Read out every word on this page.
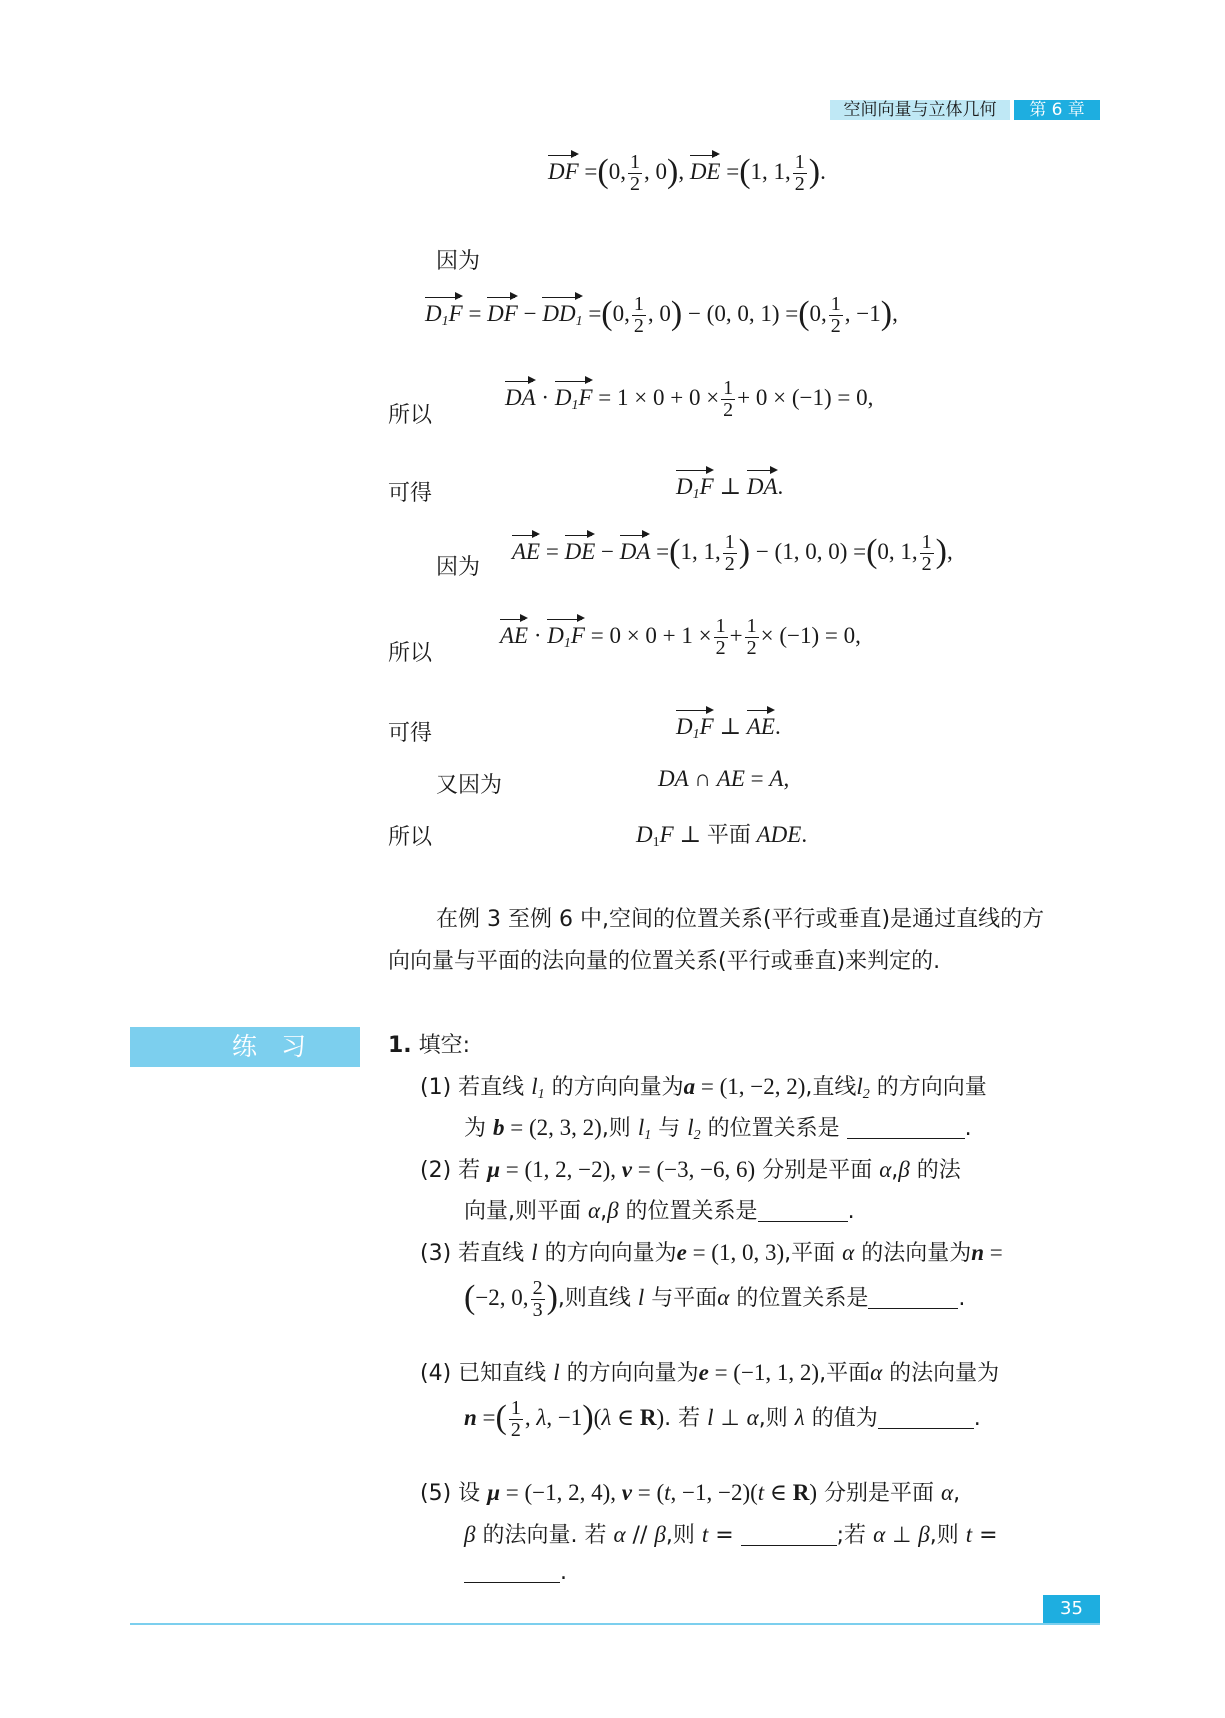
空间向量与立体几何	第 6 章
DF =(0, $\frac{1}{2}$ , 0), DE =(1, 1, $\frac{1}{2}$ ).
因为
$D_1F$ = DF − $DD_1 =(0$, $\frac{1}{2}$ , 0) − (0, 0, 1) =(0, $\frac{1}{2}$ , −1),
所以
DA · $D_1F = 1 \times 0 + 0 \times \frac{1}{2} + 0 \times (-1) = 0$,
可得	$D_1F$ ⊥ DA.
因为
AE = DE − DA =(1, 1, $\frac{1}{2}$ ) − (1, 0, 0) =(0, 1, $\frac{1}{2}$ ),
所以
AE · $D_1F = 0 \times 0 + 1 \times \frac{1}{2} + \frac{1}{2} \times (-1) = 0$,
可得	$D_1F$ ⊥ AE.
又因为	DA ∩ AE = A,
所以	$D_1F$ ⊥ 平面 ADE.
在例 3 至例 6 中,空间的位置关系(平行或垂直)是通过直线的方
向向量与平面的法向量的位置关系(平行或垂直)来判定的.
练习	1. 填空:
(1) 若直线 $l_1$ 的方向向量为a = (1, −2, 2),直线$l_2$ 的方向向量
为 b = (2, 3, 2),则 $l_1$ 与 $l_2$ 的位置关系是	.
(2) 若 μ = (1, 2, −2), v = (−3, −6, 6) 分别是平面 α,β 的法
向量,则平面 α,β 的位置关系是	.
(3) 若直线 l 的方向向量为e = (1, 0, 3),平面 α 的法向量为n =
(−2, 0, $\frac{2}{3}$ ),则直线 l 与平面α 的位置关系是	.
(4) 已知直线 l 的方向向量为e = (−1, 1, 2),平面α 的法向量为
n =( $\frac{1}{2}$ , λ, −1)(λ ∈ R). 若 l ⊥ α,则 λ 的值为	.
(5) 设 μ = (−1, 2, 4), v = (t, −1, −2)(t ∈ R) 分别是平面 α,
β 的法向量. 若 α // β,则 t =	;若 α ⊥ β,则 t =
.
35
